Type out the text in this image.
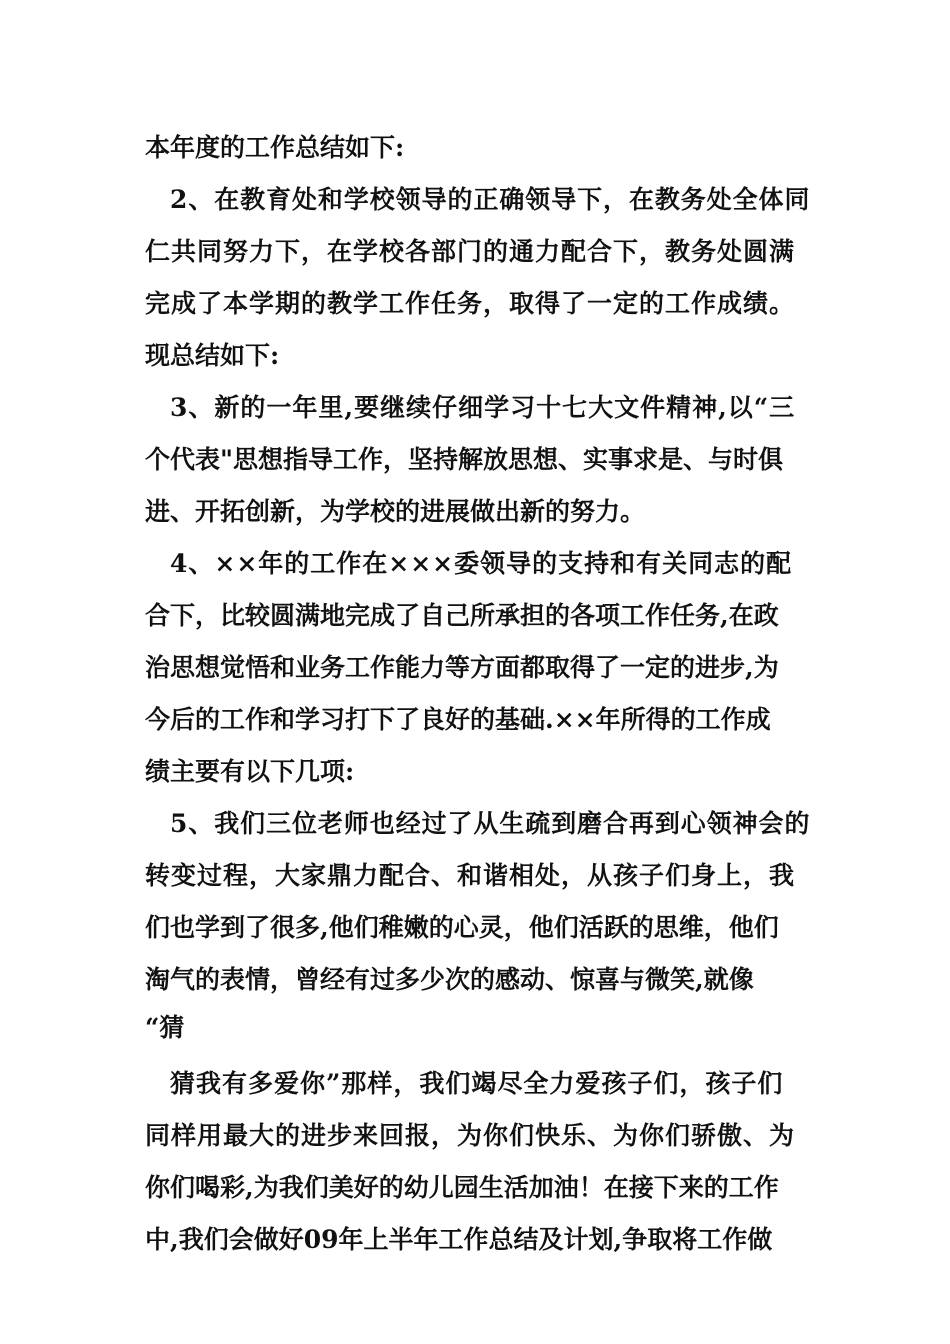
本年度的工作总结如下:
2、在教育处和学校领导的正确领导下，在教务处全体同
仁共同努力下，在学校各部门的通力配合下，教务处圆满
完成了本学期的教学工作任务，取得了一定的工作成绩。
现总结如下:
3、新的一年里,要继续仔细学习十七大文件精神,以“三
个代表"思想指导工作，坚持解放思想、实事求是、与时俱
进、开拓创新，为学校的进展做出新的努力。
4、××年的工作在×××委领导的支持和有关同志的配
合下，比较圆满地完成了自己所承担的各项工作任务,在政
治思想觉悟和业务工作能力等方面都取得了一定的进步,为
今后的工作和学习打下了良好的基础.××年所得的工作成
绩主要有以下几项:
5、我们三位老师也经过了从生疏到磨合再到心领神会的
转变过程，大家鼎力配合、和谐相处，从孩子们身上，我
们也学到了很多,他们稚嫩的心灵，他们活跃的思维，他们
淘气的表情，曾经有过多少次的感动、惊喜与微笑,就像
“猜
猜我有多爱你”那样，我们竭尽全力爱孩子们，孩子们
同样用最大的进步来回报，为你们快乐、为你们骄傲、为
你们喝彩,为我们美好的幼儿园生活加油！在接下来的工作
中,我们会做好09年上半年工作总结及计划,争取将工作做
